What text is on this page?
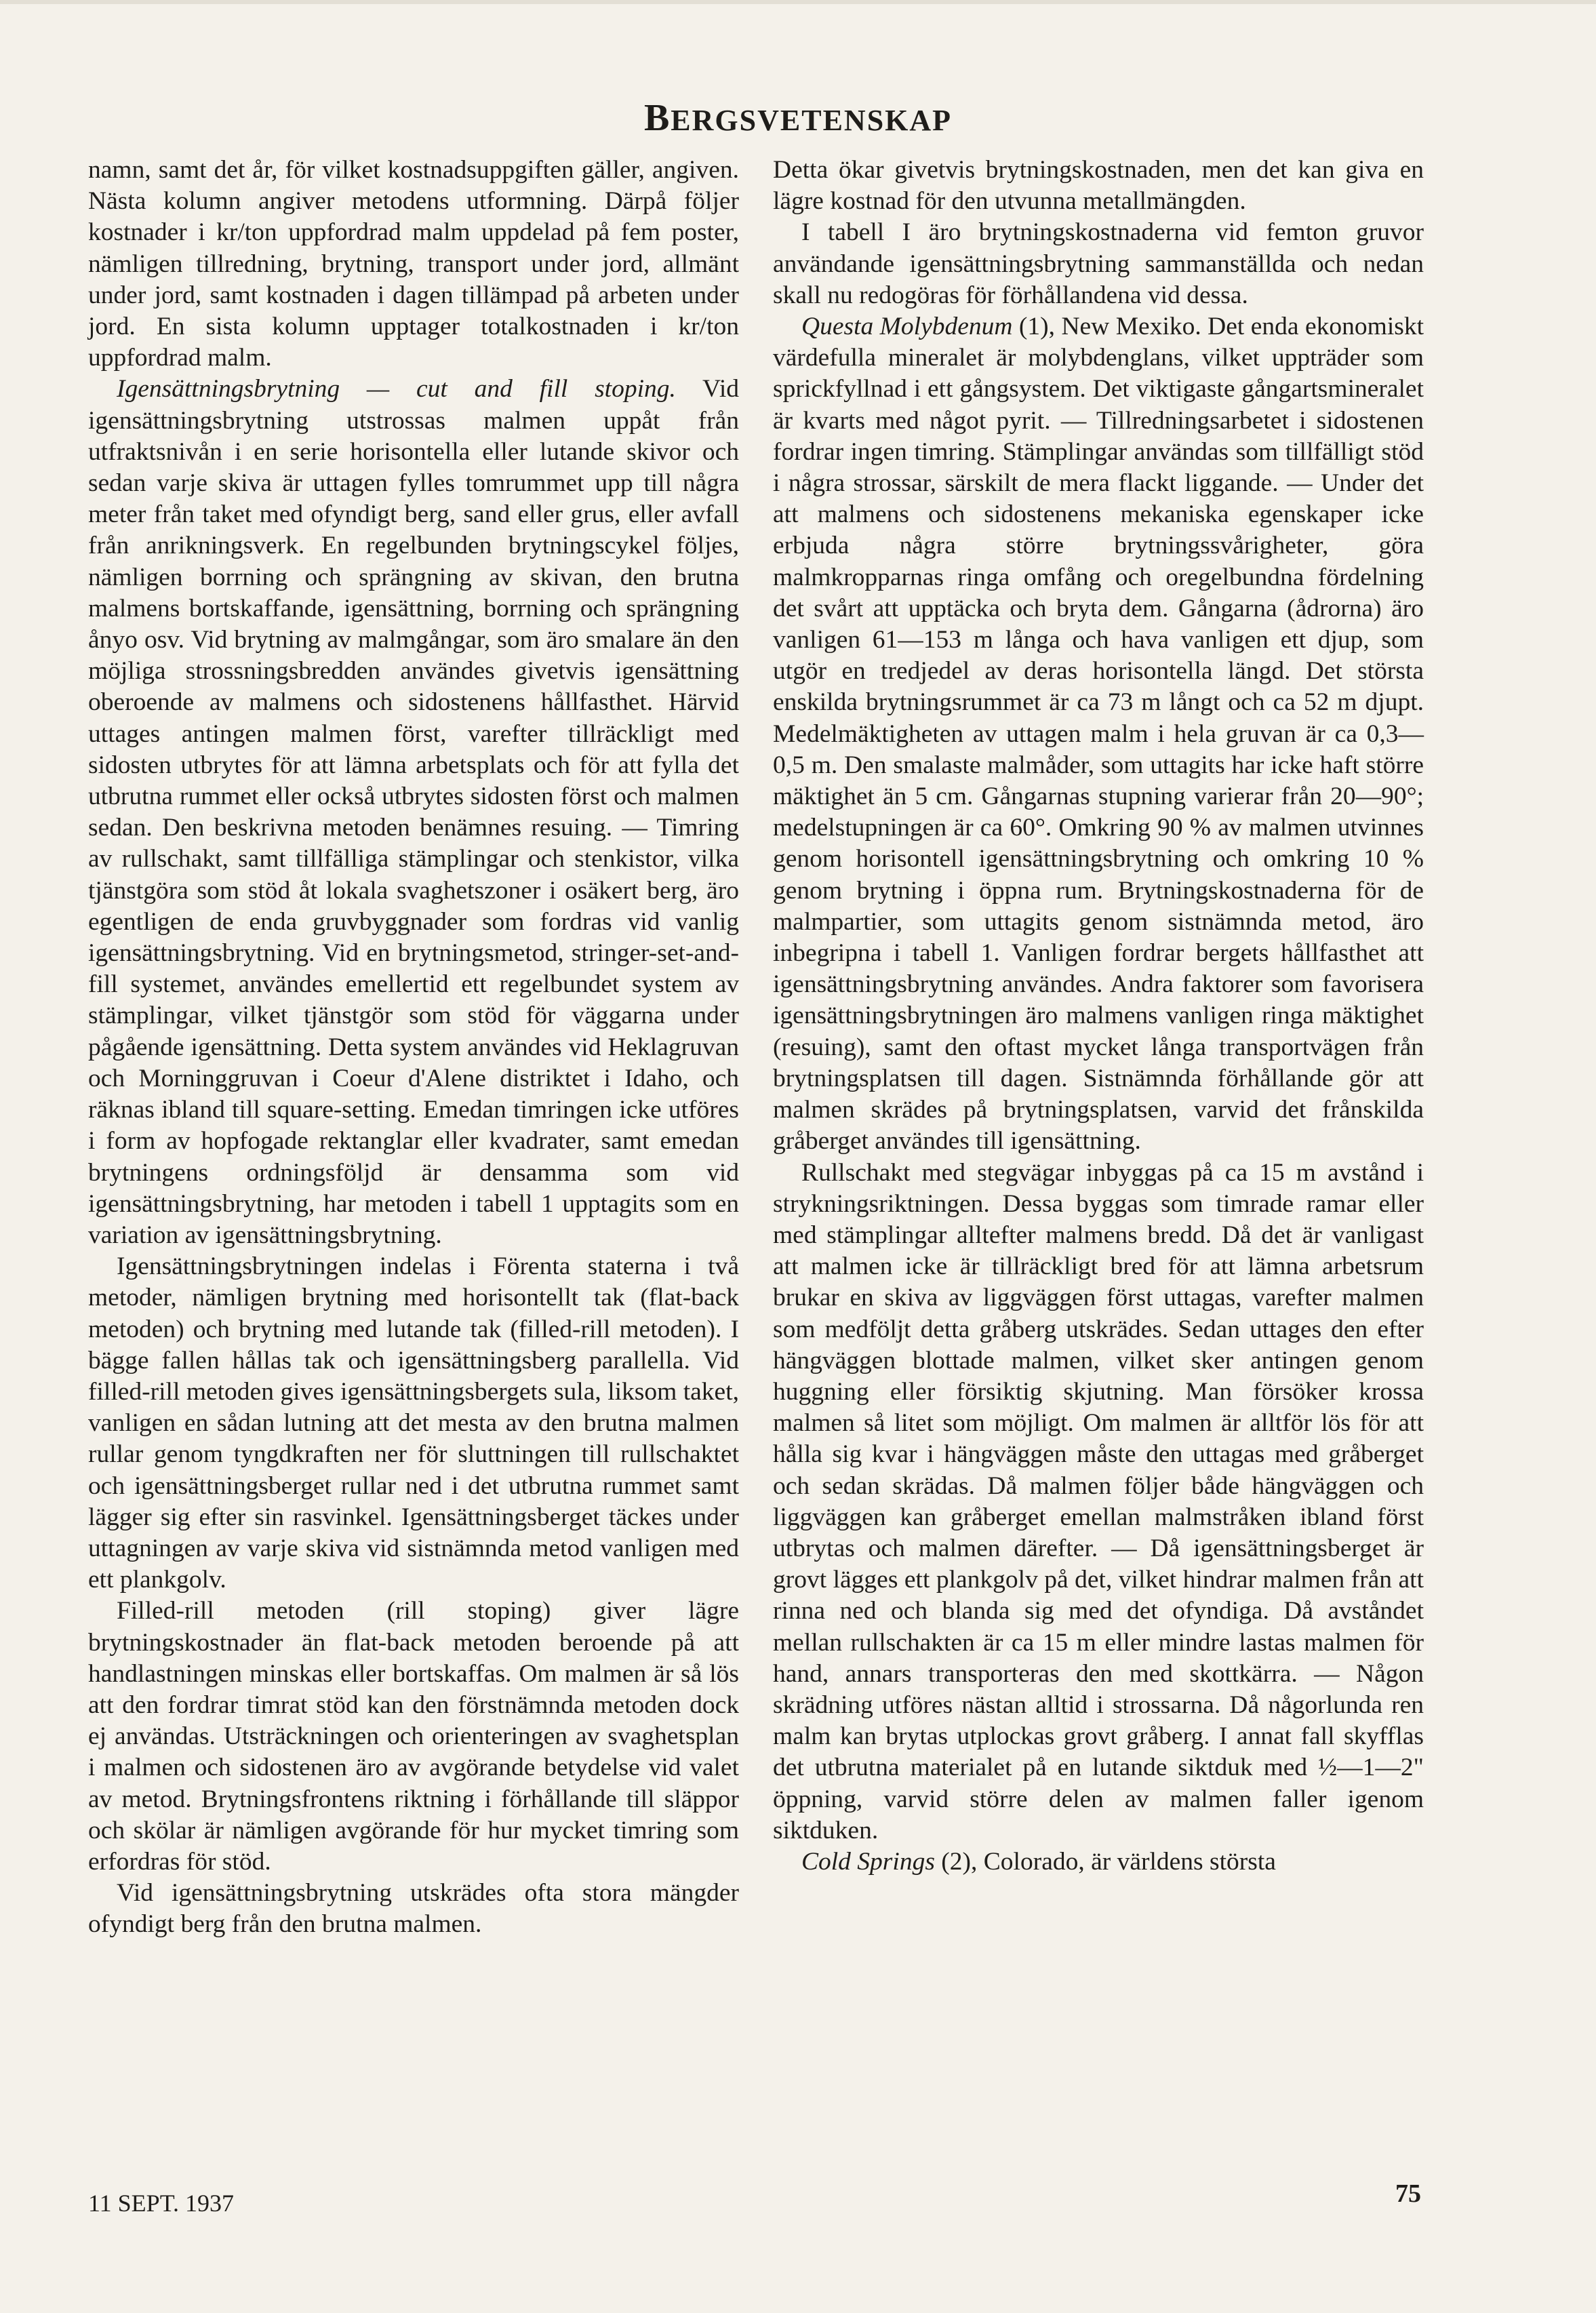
BERGSVETENSKAP

namn, samt det år, för vilket kostnadsuppgiften gäller, angiven. Nästa kolumn angiver metodens utformning. Därpå följer kostnader i kr/ton uppfordrad malm uppdelad på fem poster, nämligen tillredning, brytning, transport under jord, allmänt under jord, samt kostnaden i dagen tillämpad på arbeten under jord. En sista kolumn upptager totalkostnaden i kr/ton uppfordrad malm.

Igensättningsbrytning — cut and fill stoping. Vid igensättningsbrytning utstrossas malmen uppåt från utfraktsnivån i en serie horisontella eller lutande skivor och sedan varje skiva är uttagen fylles tomrummet upp till några meter från taket med ofyndigt berg, sand eller grus, eller avfall från anrikningsverk. En regelbunden brytningscykel följes, nämligen borrning och sprängning av skivan, den brutna malmens bortskaffande, igensättning, borrning och sprängning ånyo osv. Vid brytning av malmgångar, som äro smalare än den möjliga strossningsbredden användes givetvis igensättning oberoende av malmens och sidostenens hållfasthet. Härvid uttages antingen malmen först, varefter tillräckligt med sidosten utbrytes för att lämna arbetsplats och för att fylla det utbrutna rummet eller också utbrytes sidosten först och malmen sedan. Den beskrivna metoden benämnes resuing. — Timring av rullschakt, samt tillfälliga stämplingar och stenkistor, vilka tjänstgöra som stöd åt lokala svaghetszoner i osäkert berg, äro egentligen de enda gruvbyggnader som fordras vid vanlig igensättningsbrytning. Vid en brytningsmetod, stringer-set-and-fill systemet, användes emellertid ett regelbundet system av stämplingar, vilket tjänstgör som stöd för väggarna under pågående igensättning. Detta system användes vid Heklagruvan och Morninggruvan i Coeur d'Alene distriktet i Idaho, och räknas ibland till square-setting. Emedan timringen icke utföres i form av hopfogade rektanglar eller kvadrater, samt emedan brytningens ordningsföljd är densamma som vid igensättningsbrytning, har metoden i tabell 1 upptagits som en variation av igensättningsbrytning.

Igensättningsbrytningen indelas i Förenta staterna i två metoder, nämligen brytning med horisontellt tak (flat-back metoden) och brytning med lutande tak (filled-rill metoden). I bägge fallen hållas tak och igensättningsberg parallella. Vid filled-rill metoden gives igensättningsbergets sula, liksom taket, vanligen en sådan lutning att det mesta av den brutna malmen rullar genom tyngdkraften ner för sluttningen till rullschaktet och igensättningsberget rullar ned i det utbrutna rummet samt lägger sig efter sin rasvinkel. Igensättningsberget täckes under uttagningen av varje skiva vid sistnämnda metod vanligen med ett plankgolv.

Filled-rill metoden (rill stoping) giver lägre brytningskostnader än flat-back metoden beroende på att handlastningen minskas eller bortskaffas. Om malmen är så lös att den fordrar timrat stöd kan den förstnämnda metoden dock ej användas. Utsträckningen och orienteringen av svaghetsplan i malmen och sidostenen äro av avgörande betydelse vid valet av metod. Brytningsfrontens riktning i förhållande till släppor och skölar är nämligen avgörande för hur mycket timring som erfordras för stöd.

Vid igensättningsbrytning utskrädes ofta stora mängder ofyndigt berg från den brutna malmen.

Detta ökar givetvis brytningskostnaden, men det kan giva en lägre kostnad för den utvunna metallmängden.

I tabell I äro brytningskostnaderna vid femton gruvor användande igensättningsbrytning sammanställda och nedan skall nu redogöras för förhållandena vid dessa.

Questa Molybdenum (1), New Mexiko. Det enda ekonomiskt värdefulla mineralet är molybdenglans, vilket uppträder som sprickfyllnad i ett gångsystem. Det viktigaste gångartsmineralet är kvarts med något pyrit. — Tillredningsarbetet i sidostenen fordrar ingen timring. Stämplingar användas som tillfälligt stöd i några strossar, särskilt de mera flackt liggande. — Under det att malmens och sidostenens mekaniska egenskaper icke erbjuda några större brytningssvårigheter, göra malmkropparnas ringa omfång och oregelbundna fördelning det svårt att upptäcka och bryta dem. Gångarna (ådrorna) äro vanligen 61—153 m långa och hava vanligen ett djup, som utgör en tredjedel av deras horisontella längd. Det största enskilda brytningsrummet är ca 73 m långt och ca 52 m djupt. Medelmäktigheten av uttagen malm i hela gruvan är ca 0,3—0,5 m. Den smalaste malmåder, som uttagits har icke haft större mäktighet än 5 cm. Gångarnas stupning varierar från 20—90°; medelstupningen är ca 60°. Omkring 90 % av malmen utvinnes genom horisontell igensättningsbrytning och omkring 10 % genom brytning i öppna rum. Brytningskostnaderna för de malmpartier, som uttagits genom sistnämnda metod, äro inbegripna i tabell 1. Vanligen fordrar bergets hållfasthet att igensättningsbrytning användes. Andra faktorer som favorisera igensättningsbrytningen äro malmens vanligen ringa mäktighet (resuing), samt den oftast mycket långa transportvägen från brytningsplatsen till dagen. Sistnämnda förhållande gör att malmen skrädes på brytningsplatsen, varvid det frånskilda gråberget användes till igensättning.

Rullschakt med stegvägar inbyggas på ca 15 m avstånd i strykningsriktningen. Dessa byggas som timrade ramar eller med stämplingar alltefter malmens bredd. Då det är vanligast att malmen icke är tillräckligt bred för att lämna arbetsrum brukar en skiva av liggväggen först uttagas, varefter malmen som medföljt detta gråberg utskrädes. Sedan uttages den efter hängväggen blottade malmen, vilket sker antingen genom huggning eller försiktig skjutning. Man försöker krossa malmen så litet som möjligt. Om malmen är alltför lös för att hålla sig kvar i hängväggen måste den uttagas med gråberget och sedan skrädas. Då malmen följer både hängväggen och liggväggen kan gråberget emellan malmstråken ibland först utbrytas och malmen därefter. — Då igensättningsberget är grovt lägges ett plankgolv på det, vilket hindrar malmen från att rinna ned och blanda sig med det ofyndiga. Då avståndet mellan rullschakten är ca 15 m eller mindre lastas malmen för hand, annars transporteras den med skottkärra. — Någon skrädning utföres nästan alltid i strossarna. Då någorlunda ren malm kan brytas utplockas grovt gråberg. I annat fall skyfflas det utbrutna materialet på en lutande siktduk med ½—1—2" öppning, varvid större delen av malmen faller igenom siktduken.

Cold Springs (2), Colorado, är världens största

11 SEPT. 1937	75
